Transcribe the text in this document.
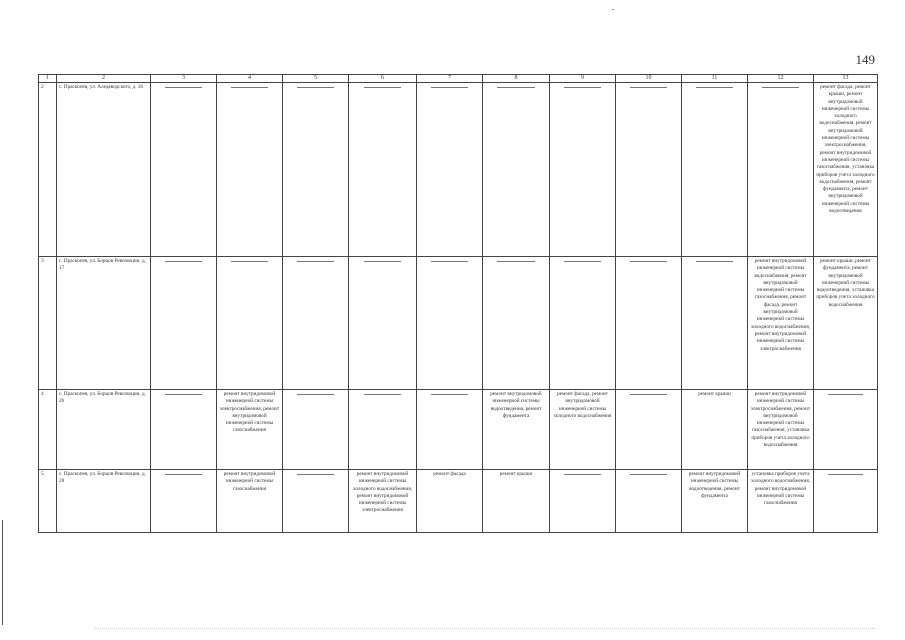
149
1	2	3	4	5	6	7	8	9	10	11	12	13	
2	с. Праскопея, ул. Аледеводского, д. 30											ремонт фасада, ремонт крыши, ремонт внутридомовой инженерной системы холодного водоснабжения, ремонт внутридомовой инженерной системы электроснабжения, ремонт внутридомовой инженерной системы газоснабжения, установка приборов учета холодного водоснабжения, ремонт фундамента, ремонт внутридомовой инженерной системы водоотведения	

3	с. Праскопея, ул. Борцов Революции, д. 17										ремонт внутридомовой инженерной системы водоснабжения, ремонт внутридомовой инженерной системы газоснабжения, ремонт фасада, ремонт внутридомовой инженерной системы холодного водоснабжения, ремонт внутридомовой инженерной системы электроснабжения	ремонт крыши, ремонт фундамента, ремонт внутридомовой инженерной системы водоотведения, установка приборов учета холодного водоснабжения	

4	с. Праскопея, ул. Борцов Революции, д. 26		ремонт внутридомовой инженерной системы электроснабжения, ремонт внутридомовой инженерной системы газоснабжения				ремонт внутридомовой инженерной системы водоотведения, ремонт фундамента	ремонт фасада, ремонт внутридомовой инженерной системы холодного водоснабжения		ремонт крыши	ремонт внутридомовой инженерной системы электроснабжения, ремонт внутридомовой инженерной системы газоснабжения, установка приборов учета холодного водоснабжения		

5	с. Праскопея, ул. Борцов Революции, д. 28		ремонт внутридомовой инженерной системы газоснабжения		ремонт внутридомовой инженерной системы холодного водоснабжения, ремонт внутридомовой инженерной системы электроснабжения	ремонт фасада	ремонт крыши			ремонт внутридомовой инженерной системы водоотведения, ремонт фундамента	установка приборов учета холодного водоснабжения, ремонт внутридомовой инженерной системы газоснабжения		
